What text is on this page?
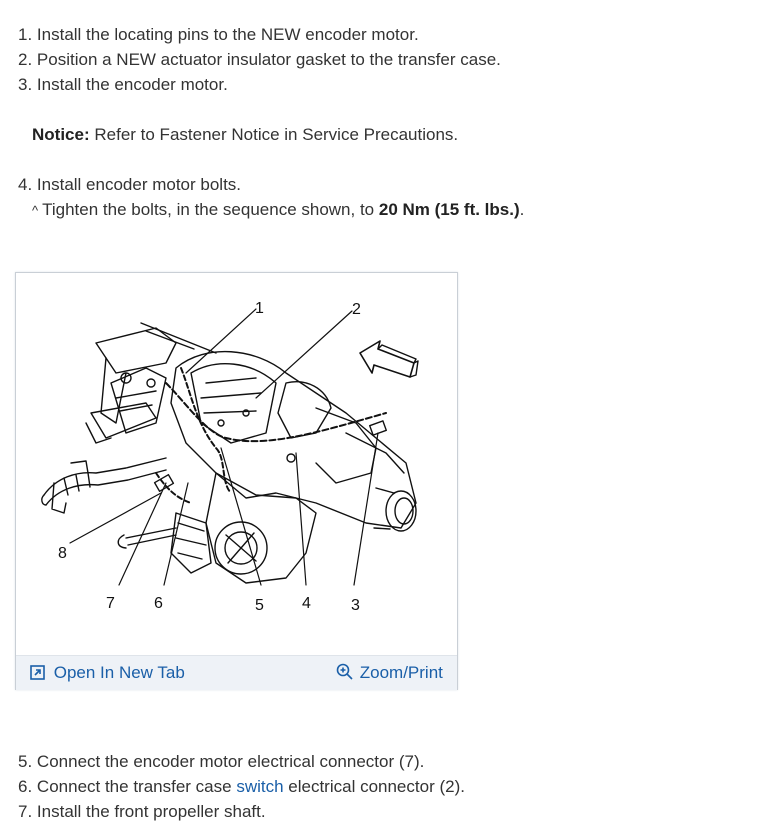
1. Install the locating pins to the NEW encoder motor.
2. Position a NEW actuator insulator gasket to the transfer case.
3. Install the encoder motor.
Notice: Refer to Fastener Notice in Service Precautions.
4. Install encoder motor bolts.
^ Tighten the bolts, in the sequence shown, to 20 Nm (15 ft. lbs.).
1	2
3
4
5
6
7
8
Open In New Tab	Zoom/Print
5. Connect the encoder motor electrical connector (7).
6. Connect the transfer case switch electrical connector (2).
7. Install the front propeller shaft.
